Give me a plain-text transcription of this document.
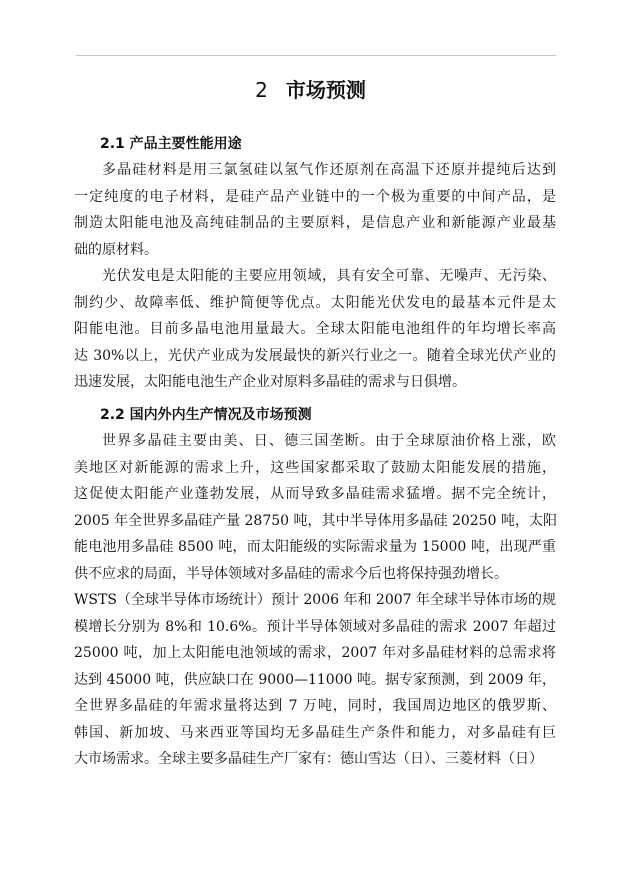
2 市场预测
2.1 产品主要性能用途
多晶硅材料是用三氯氢硅以氢气作还原剂在高温下还原并提纯后达到
一定纯度的电子材料，是硅产品产业链中的一个极为重要的中间产品，是
制造太阳能电池及高纯硅制品的主要原料，是信息产业和新能源产业最基
础的原材料。
光伏发电是太阳能的主要应用领域，具有安全可靠、无噪声、无污染、
制约少、故障率低、维护简便等优点。太阳能光伏发电的最基本元件是太
阳能电池。目前多晶电池用量最大。全球太阳能电池组件的年均增长率高
达 30%以上，光伏产业成为发展最快的新兴行业之一。随着全球光伏产业的
迅速发展，太阳能电池生产企业对原料多晶硅的需求与日俱增。
2.2 国内外内生产情况及市场预测
世界多晶硅主要由美、日、德三国垄断。由于全球原油价格上涨，欧
美地区对新能源的需求上升，这些国家都采取了鼓励太阳能发展的措施，
这促使太阳能产业蓬勃发展，从而导致多晶硅需求猛增。据不完全统计，
2005 年全世界多晶硅产量 28750 吨，其中半导体用多晶硅 20250 吨，太阳
能电池用多晶硅 8500 吨，而太阳能级的实际需求量为 15000 吨，出现严重
供不应求的局面，半导体领域对多晶硅的需求今后也将保持强劲增长。
WSTS（全球半导体市场统计）预计 2006 年和 2007 年全球半导体市场的规
模增长分别为 8%和 10.6%。预计半导体领域对多晶硅的需求 2007 年超过
25000 吨，加上太阳能电池领域的需求，2007 年对多晶硅材料的总需求将
达到 45000 吨，供应缺口在 9000—11000 吨。据专家预测，到 2009 年，
全世界多晶硅的年需求量将达到 7 万吨，同时，我国周边地区的俄罗斯、
韩国、新加坡、马来西亚等国均无多晶硅生产条件和能力，对多晶硅有巨
大市场需求。全球主要多晶硅生产厂家有：德山雪达（日）、三菱材料（日）
